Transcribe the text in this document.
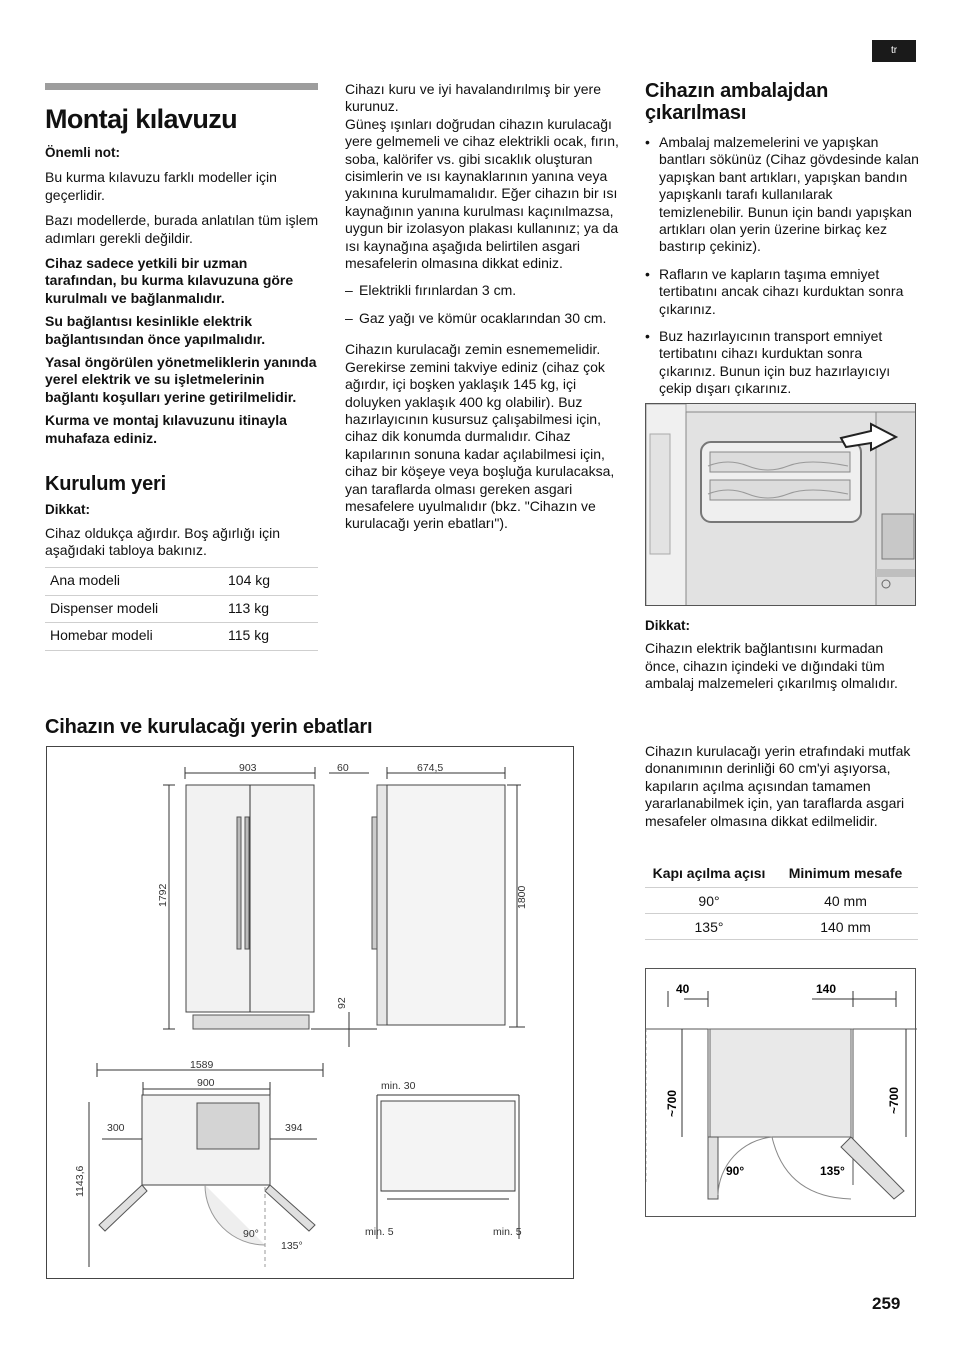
tr
Montaj kılavuzu

Önemli not:

Bu kurma kılavuzu farklı modeller için geçerlidir.

Bazı modellerde, burada anlatılan tüm işlem adımları gerekli değildir.

Cihaz sadece yetkili bir uzman tarafından, bu kurma kılavuzuna göre kurulmalı ve bağlanmalıdır.

Su bağlantısı kesinlikle elektrik bağlantısından önce yapılmalıdır.

Yasal öngörülen yönetmeliklerin yanında yerel elektrik ve su işletmelerinin bağlantı koşulları yerine getirilmelidir.

Kurma ve montaj kılavuzunu itinayla muhafaza ediniz.

Kurulum yeri

Dikkat:

Cihaz oldukça ağırdır. Boş ağırlığı için aşağıdaki tabloya bakınız.

Ana modeli	104 kg
Dispenser modeli	113 kg
Homebar modeli	115 kg

Cihazı kuru ve iyi havalandırılmış bir yere kurunuz.

Güneş ışınları doğrudan cihazın kurulacağı yere gelmemeli ve cihaz elektrikli ocak, fırın, soba, kalörifer vs. gibi sıcaklık oluşturan cisimlerin ve ısı kaynaklarının yanına veya yakınına kurulmamalıdır. Eğer cihazın bir ısı kaynağının yanına kurulması kaçınılmazsa, uygun bir izolasyon plakası kullanınız; ya da ısı kaynağına aşağıda belirtilen asgari mesafelerin olmasına dikkat ediniz.

– Elektrikli fırınlardan 3 cm.

– Gaz yağı ve kömür ocaklarından 30 cm.

Cihazın kurulacağı zemin esnememelidir. Gerekirse zemini takviye ediniz (cihaz çok ağırdır, içi boşken yaklaşık 145 kg, içi doluyken yaklaşık 400 kg olabilir). Buz hazırlayıcının kusursuz çalışabilmesi için, cihaz dik konumda durmalıdır. Cihaz kapılarının sonuna kadar açılabilmesi için, cihaz bir köşeye veya boşluğa kurulacaksa, yan taraflarda olması gereken asgari mesafelere uyulmalıdır (bkz. "Cihazın ve kurulacağı yerin ebatları").

Cihazın ambalajdan çıkarılması

• Ambalaj malzemelerini ve yapışkan bantları sökünüz (Cihaz gövdesinde kalan yapışkan bant artıkları, yapışkan bandın yapışkanlı tarafı kullanılarak temizlenebilir. Bunun için bandı yapışkan artıkları olan yerin üzerine birkaç kez bastırıp çekiniz).

• Rafların ve kapların taşıma emniyet tertibatını ancak cihazı kurduktan sonra çıkarınız.

• Buz hazırlayıcının transport emniyet tertibatını cihazı kurduktan sonra çıkarınız. Bunun için buz hazırlayıcıyı çekip dışarı çıkarınız.

Dikkat:

Cihazın elektrik bağlantısını kurmadan önce, cihazın içindeki ve dığındaki tüm ambalaj malzemeleri çıkarılmış olmalıdır.

Cihazın kurulacağı yerin etrafındaki mutfak donanımının derinliği 60 cm'yi aşıyorsa, kapıların açılma açısından tamamen yararlanabilmek için, yan taraflarda asgari mesafeler olmasına dikkat edilmelidir.

Kapı açılma açısı	Minimum mesafe
90°	40 mm
135°	140 mm
40	140
~700	~700
90°	135°
Cihazın ve kurulacağı yerin ebatları
903	60	674,5
1792	1800
92
1589
900
300	394
1143,6
90°
135°
min. 30
min. 5	min. 5
259
